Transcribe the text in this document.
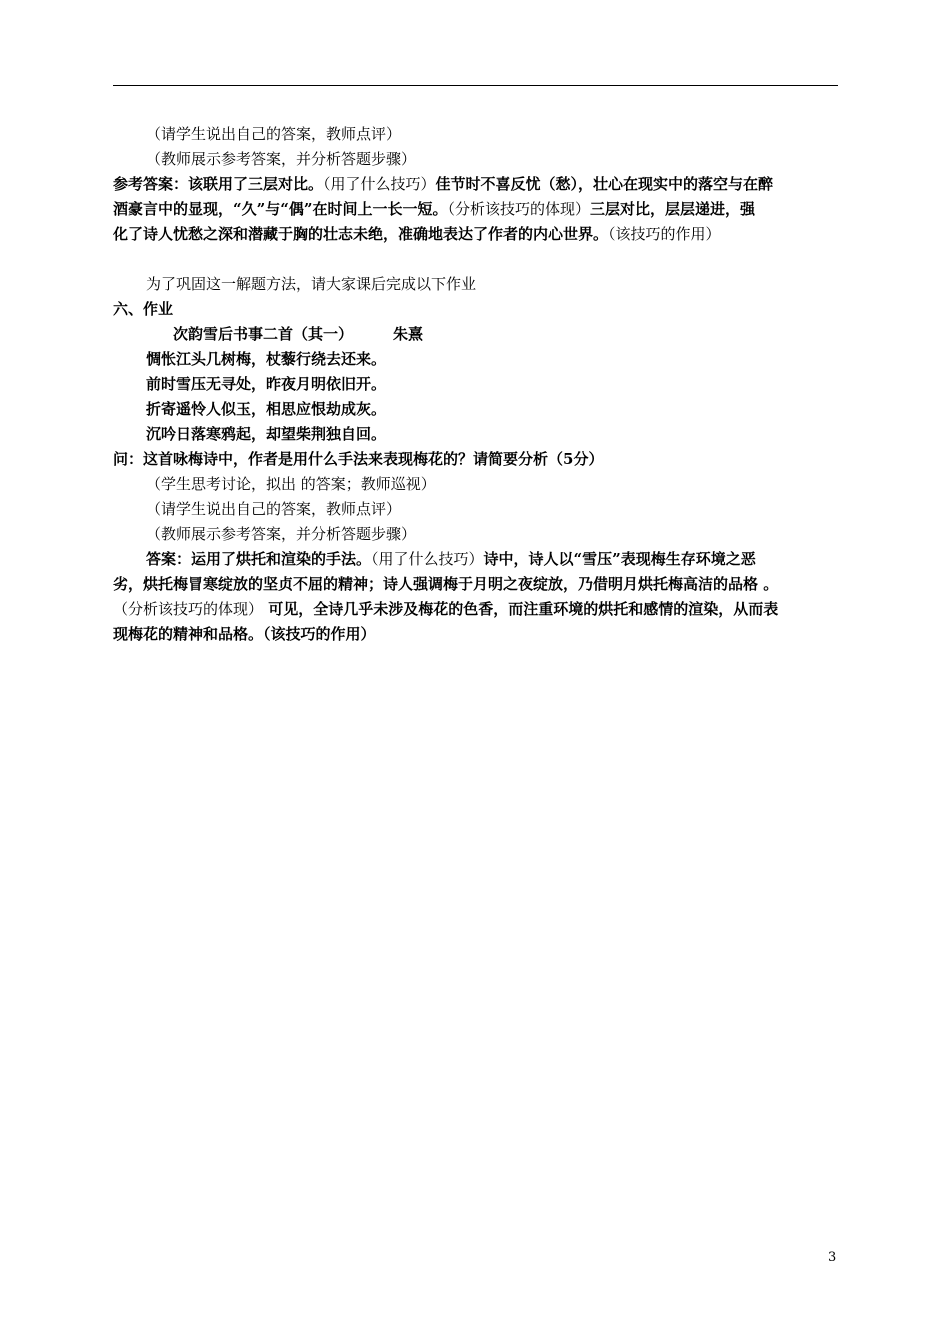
（请学生说出自己的答案，教师点评）

（教师展示参考答案，并分析答题步骤）

参考答案：该联用了三层对比。（用了什么技巧）佳节时不喜反忧（愁），壮心在现实中的落空与在醉

酒豪言中的显现，“久”与“偶”在时间上一长一短。（分析该技巧的体现）三层对比，层层递进，强

化了诗人忧愁之深和潜藏于胸的壮志未绝，准确地表达了作者的内心世界。（该技巧的作用）

为了巩固这一解题方法，请大家课后完成以下作业

六、作业

次韵雪后书事二首（其一）	朱熹

惆怅江头几树梅，杖藜行绕去还来。

前时雪压无寻处，昨夜月明依旧开。

折寄遥怜人似玉，相思应恨劫成灰。

沉吟日落寒鸦起，却望柴荆独自回。

问：这首咏梅诗中，作者是用什么手法来表现梅花的？请简要分析（5分）

（学生思考讨论，拟出 的答案；教师巡视）

（请学生说出自己的答案，教师点评）

（教师展示参考答案，并分析答题步骤）

答案：运用了烘托和渲染的手法。（用了什么技巧）诗中，诗人以“雪压”表现梅生存环境之恶

劣，烘托梅冒寒绽放的坚贞不屈的精神；诗人强调梅于月明之夜绽放，乃借明月烘托梅高洁的品格 。

（分析该技巧的体现） 可见，全诗几乎未涉及梅花的色香，而注重环境的烘托和感情的渲染，从而表

现梅花的精神和品格。（该技巧的作用）

3
